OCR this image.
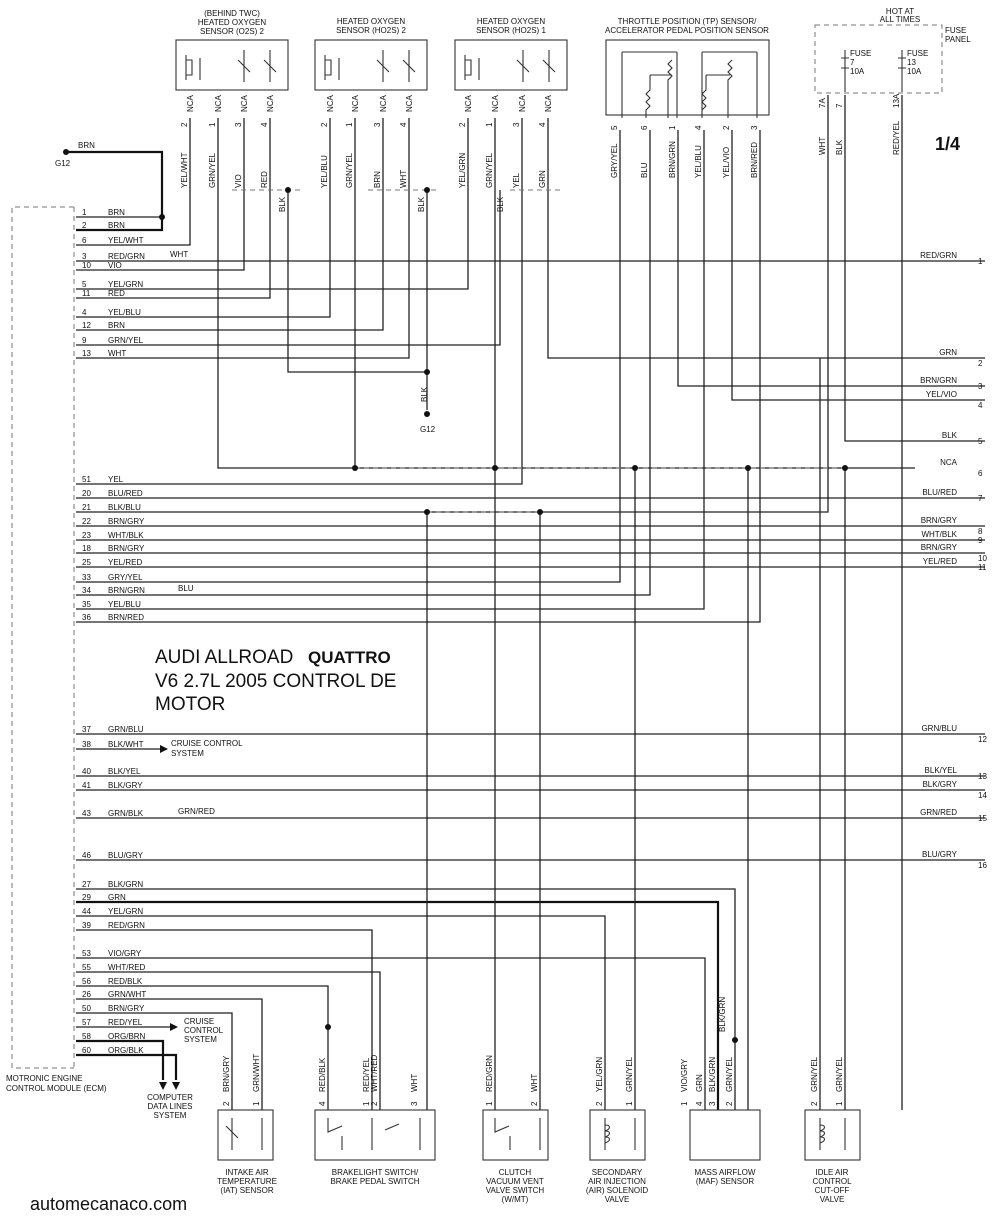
1/4
AUDI ALLROAD QUATTRO
V6 2.7L 2005 CONTROL DE
MOTOR
automecanaco.com
G12
G12
MOTRONIC ENGINE
CONTROL MODULE (ECM)
HOT AT
ALL TIMES
FUSE
PANEL
FUSE
7
10A
FUSE
13
10A
WHT
BLU
GRN/RED
CRUISE CONTROL
SYSTEM
CRUISE
CONTROL
SYSTEM
COMPUTER
DATA LINES
SYSTEM
(BEHIND TWC)
HEATED OXYGEN
SENSOR (O2S) 2
NCA
2
YEL/WHT
NCA
1
GRN/YEL
NCA
3
VIO
NCA
4
RED
HEATED OXYGEN
SENSOR (HO2S) 2
NCA
2
YEL/BLU
NCA
1
GRN/YEL
NCA
3
BRN
NCA
4
WHT
HEATED OXYGEN
SENSOR (HO2S) 1
NCA
2
YEL/GRN
NCA
1
GRN/YEL
NCA
3
YEL
NCA
4
GRN
THROTTLE POSITION (TP) SENSOR/
ACCELERATOR PEDAL POSITION SENSOR
5
GRY/YEL
6
BLU
1
BRN/GRN
4
YEL/BLU
2
YEL/VIO
3
BRN/RED
7A
WHT
7
BLK
13A
RED/YEL
BLK	BLK	BLK
BLK
BRN
1	BRN
2	BRN
6	YEL/WHT
3	RED/GRN
10 VIO
5	YEL/GRN
11 RED
4	YEL/BLU
12 BRN
9	GRN/YEL
13 WHT
51 YEL
20 BLU/RED
21 BLK/BLU
22 BRN/GRY
23 WHT/BLK
18 BRN/GRY
25 YEL/RED
33 GRY/YEL
34 BRN/GRN
35 YEL/BLU
36 BRN/RED
37 GRN/BLU
38 BLK/WHT
40 BLK/YEL
41 BLK/GRY
43 GRN/BLK
46 BLU/GRY
27 BLK/GRN
29 GRN
44 YEL/GRN
39 RED/GRN
53 VIO/GRY
55 WHT/RED
56 RED/BLK
26 GRN/WHT
50 BRN/GRY
57 RED/YEL
58 ORG/BRN
60 ORG/BLK
RED/GRN
1
GRN
2
BRN/GRN
3
YEL/VIO
4
BLK
5
NCA
6
BLU/RED
7
BRN/GRY
8
WHT/BLK
9
BRN/GRY
10
YEL/RED
11
GRN/BLU
12
BLK/YEL
13
BLK/GRY
14
GRN/RED
15
BLU/GRY
16
INTAKE AIR
TEMPERATURE
(IAT) SENSOR
2
BRN/GRY
1
GRN/WHT
BRAKELIGHT SWITCH/
BRAKE PEDAL SWITCH
4
RED/BLK
1
RED/YEL
2
WHT/RED
3
WHT
CLUTCH
VACUUM VENT
VALVE SWITCH
(W/MT)
1
RED/GRN
2
WHT
SECONDARY
AIR INJECTION
(AIR) SOLENOID
VALVE
2
YEL/GRN
1
GRN/YEL
MASS AIRFLOW
(MAF) SENSOR
1
VIO/GRY
4
GRN
3
BLK/GRN
2
GRN/YEL
IDLE AIR
CONTROL
CUT-OFF
VALVE
2
GRN/YEL
1
GRN/YEL
BLK/GRN
